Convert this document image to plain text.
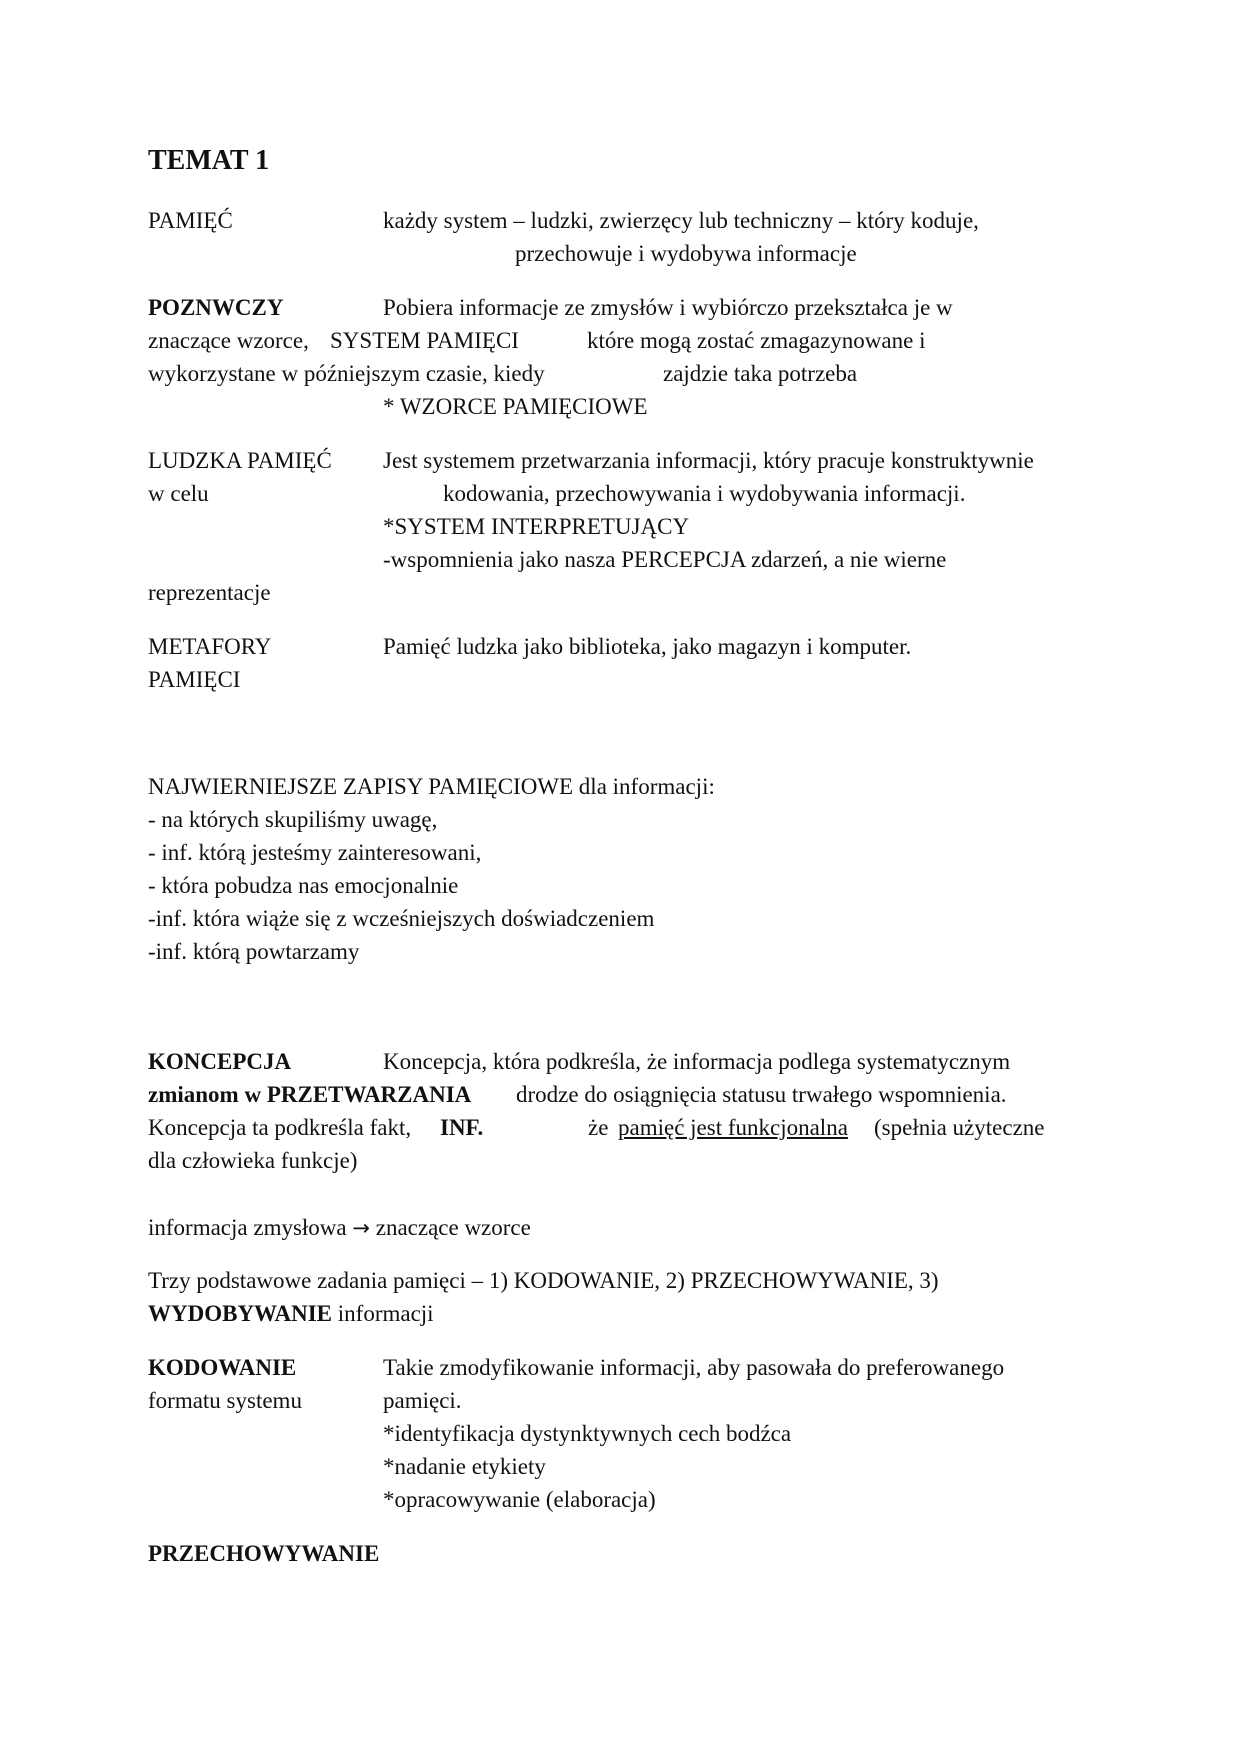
TEMAT 1

PAMIĘĆ	każdy system – ludzki, zwierzęcy lub techniczny – który koduje,

przechowuje i wydobywa informacje

POZNWCZY	Pobiera informacje ze zmysłów i wybiórczo przekształca je w

znaczące wzorce, SYSTEM PAMIĘCI	które mogą zostać zmagazynowane i

wykorzystane w późniejszym czasie, kiedy	zajdzie taka potrzeba

* WZORCE PAMIĘCIOWE

LUDZKA PAMIĘĆ Jest systemem przetwarzania informacji, który pracuje konstruktywnie

w celu	kodowania, przechowywania i wydobywania informacji.

*SYSTEM INTERPRETUJĄCY

-wspomnienia jako nasza PERCEPCJA zdarzeń, a nie wierne

reprezentacje

METAFORY	Pamięć ludzka jako biblioteka, jako magazyn i komputer.

PAMIĘCI

NAJWIERNIEJSZE ZAPISY PAMIĘCIOWE dla informacji:

- na których skupiliśmy uwagę,

- inf. którą jesteśmy zainteresowani,

- która pobudza nas emocjonalnie

-inf. która wiąże się z wcześniejszych doświadczeniem

-inf. którą powtarzamy

KONCEPCJA	Koncepcja, która podkreśla, że informacja podlega systematycznym

zmianom w PRZETWARZANIA drodze do osiągnięcia statusu trwałego wspomnienia.

Koncepcja ta podkreśla fakt, INF.	że pamięć jest funkcjonalna (spełnia użyteczne

dla człowieka funkcje)

informacja zmysłowa → znaczące wzorce

Trzy podstawowe zadania pamięci – 1) KODOWANIE, 2) PRZECHOWYWANIE, 3)

WYDOBYWANIE informacji

KODOWANIE	Takie zmodyfikowanie informacji, aby pasowała do preferowanego

formatu systemu	pamięci.

*identyfikacja dystynktywnych cech bodźca

*nadanie etykiety

*opracowywanie (elaboracja)

PRZECHOWYWANIE
